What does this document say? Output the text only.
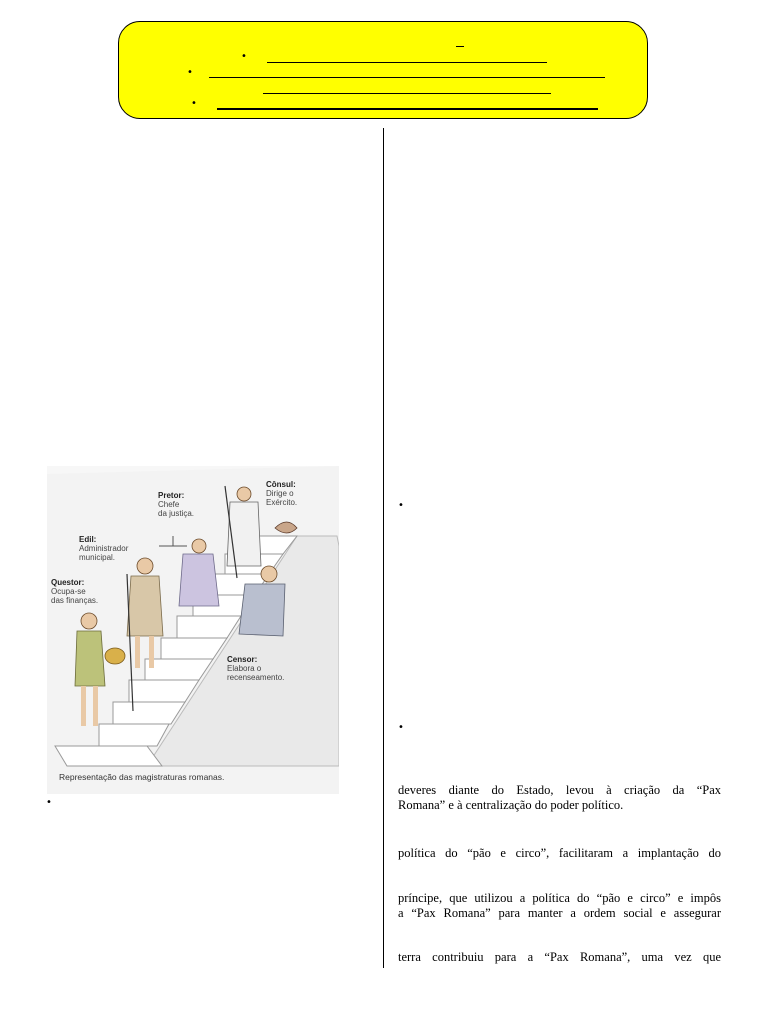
•
•
•
Cônsul:
Dirige o
Exército.
Pretor:
Chefe
da justiça.
Edil:
Administrador
municipal.
Questor:
Ocupa-se
das finanças.
Censor:
Elabora o
recenseamento.
Representação das magistraturas romanas.
•
•
•
deveres diante do Estado, levou à criação da “Pax
Romana” e à centralização do poder político.
política do “pão e circo”, facilitaram a implantação do
príncipe, que utilizou a política do “pão e circo” e impôs
a “Pax Romana” para manter a ordem social e assegurar
terra contribuiu para a “Pax Romana”, uma vez que
